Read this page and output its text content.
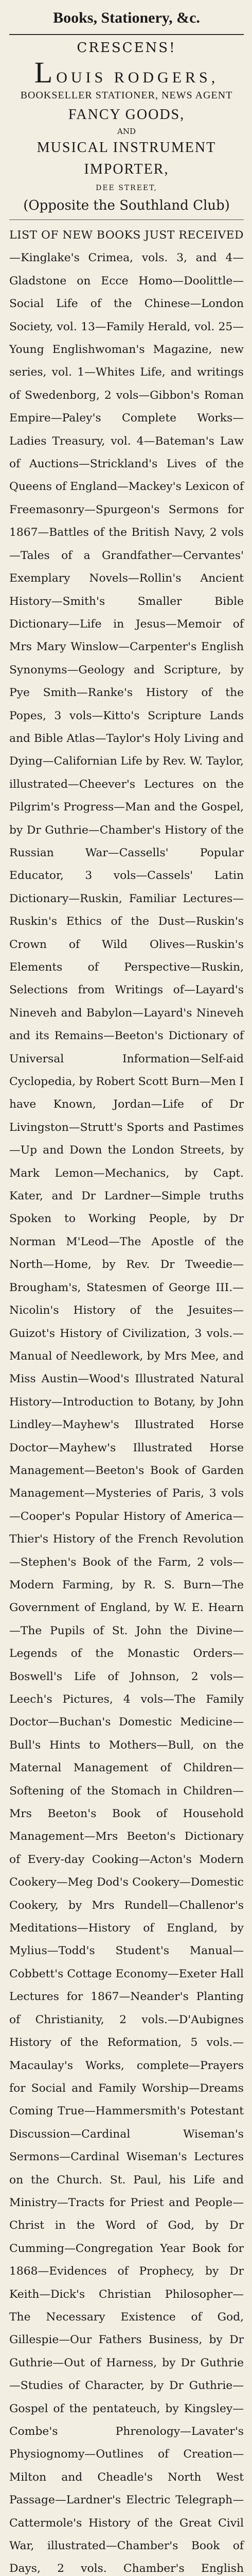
Books, Stationery, &c.
CRESCENS!
LOUIS RODGERS,
BOOKSELLER STATIONER, NEWS AGENT
FANCY GOODS,
AND
MUSICAL INSTRUMENT IMPORTER,
DEE STREET,
(Opposite the Southland Club)
LIST OF NEW BOOKS JUST RECEIVED—Kinglake's Crimea, vols. 3, and 4—Gladstone on Ecce Homo—Doolittle—Social Life of the Chinese—London Society, vol. 13—Family Herald, vol. 25—Young Englishwoman's Magazine, new series, vol. 1—Whites Life, and writings of Swedenborg, 2 vols—Gibbon's Roman Empire—Paley's Complete Works—Ladies Treasury, vol. 4—Bateman's Law of Auctions—Strickland's Lives of the Queens of England—Mackey's Lexicon of Freemasonry—Spurgeon's Sermons for 1867—Battles of the British Navy, 2 vols—Tales of a Grandfather—Cervantes' Exemplary Novels—Rollin's Ancient History—Smith's Smaller Bible Dictionary—Life in Jesus—Memoir of Mrs Mary Winslow—Carpenter's English Synonyms—Geology and Scripture, by Pye Smith—Ranke's History of the Popes, 3 vols—Kitto's Scripture Lands and Bible Atlas—Taylor's Holy Living and Dying—Californian Life by Rev. W. Taylor, illustrated—Cheever's Lectures on the Pilgrim's Progress—Man and the Gospel, by Dr Guthrie—Chamber's History of the Russian War—Cassells' Popular Educator, 3 vols—Cassels' Latin Dictionary—Ruskin, Familiar Lectures—Ruskin's Ethics of the Dust—Ruskin's Crown of Wild Olives—Ruskin's Elements of Perspective—Ruskin, Selections from Writings of—Layard's Nineveh and Babylon—Layard's Nineveh and its Remains—Beeton's Dictionary of Universal Information—Self-aid Cyclopedia, by Robert Scott Burn—Men I have Known, Jordan—Life of Dr Livingston—Strutt's Sports and Pastimes—Up and Down the London Streets, by Mark Lemon—Mechanics, by Capt. Kater, and Dr Lardner—Simple truths Spoken to Working People, by Dr Norman M'Leod—The Apostle of the North—Home, by Rev. Dr Tweedie—Brougham's, Statesmen of George III.—Nicolin's History of the Jesuites—Guizot's History of Civilization, 3 vols.—Manual of Needlework, by Mrs Mee, and Miss Austin—Wood's Illustrated Natural History—Introduction to Botany, by John Lindley—Mayhew's Illustrated Horse Doctor—Mayhew's Illustrated Horse Management—Beeton's Book of Garden Management—Mysteries of Paris, 3 vols—Cooper's Popular History of America—Thier's History of the French Revolution—Stephen's Book of the Farm, 2 vols—Modern Farming, by R. S. Burn—The Government of England, by W. E. Hearn—The Pupils of St. John the Divine—Legends of the Monastic Orders—Boswell's Life of Johnson, 2 vols—Leech's Pictures, 4 vols—The Family Doctor—Buchan's Domestic Medicine—Bull's Hints to Mothers—Bull, on the Maternal Management of Children—Softening of the Stomach in Children—Mrs Beeton's Book of Household Management—Mrs Beeton's Dictionary of Every-day Cooking—Acton's Modern Cookery—Meg Dod's Cookery—Domestic Cookery, by Mrs Rundell—Challenor's Meditations—History of England, by Mylius—Todd's Student's Manual—Cobbett's Cottage Economy—Exeter Hall Lectures for 1867—Neander's Planting of Christianity, 2 vols.—D'Aubignes History of the Reformation, 5 vols.—Macaulay's Works, complete—Prayers for Social and Family Worship—Dreams Coming True—Hammersmith's Potestant Discussion—Cardinal Wiseman's Sermons—Cardinal Wiseman's Lectures on the Church. St. Paul, his Life and Ministry—Tracts for Priest and People—Christ in the Word of God, by Dr Cumming—Congregation Year Book for 1868—Evidences of Prophecy, by Dr Keith—Dick's Christian Philosopher—The Necessary Existence of God, Gillespie—Our Fathers Business, by Dr Guthrie—Out of Harness, by Dr Guthrie—Studies of Character, by Dr Guthrie—Gospel of the pentateuch, by Kingsley—Combe's Phrenology—Lavater's Physiognomy—Outlines of Creation—Milton and Cheadle's North West Passage—Lardner's Electric Telegraph—Cattermole's History of the Great Civil War, illustrated—Chamber's Book of Days, 2 vols. Chamber's English
